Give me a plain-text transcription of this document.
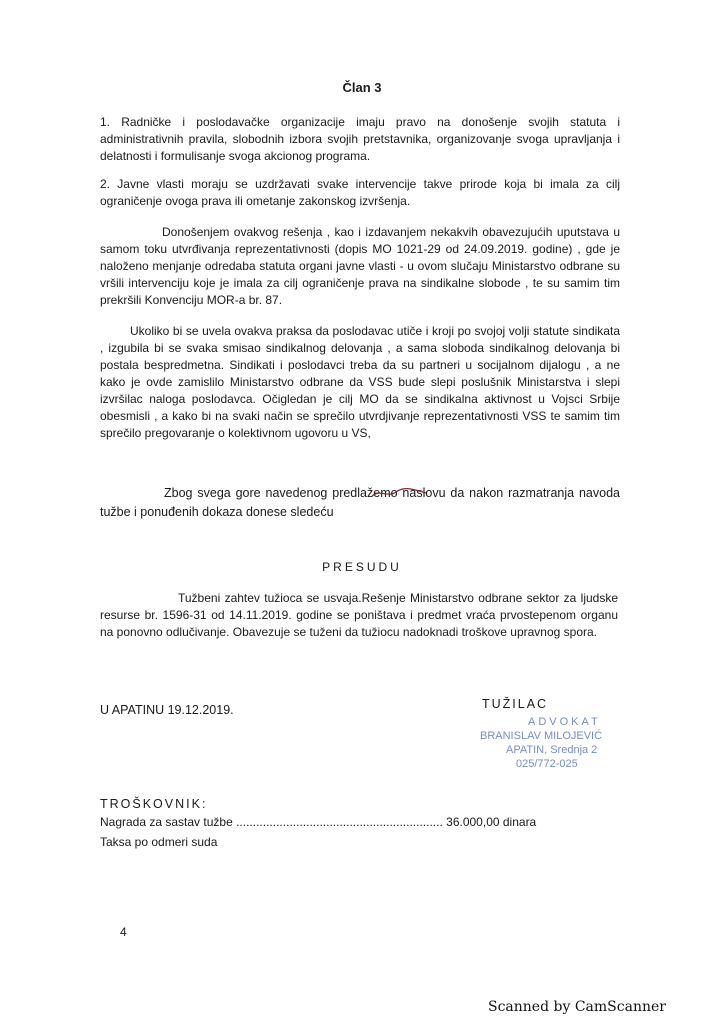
Član 3
1. Radničke i poslodavačke organizacije imaju pravo na donošenje svojih statuta i administrativnih pravila, slobodnih izbora svojih pretstavnika, organizovanje svoga upravljanja i delatnosti i formulisanje svoga akcionog programa.
2. Javne vlasti moraju se uzdržavati svake intervencije takve prirode koja bi imala za cilj ograničenje ovoga prava ili ometanje zakonskog izvršenja.
Donošenjem ovakvog rešenja , kao i izdavanjem nekakvih obavezujućih uputstava u samom toku utvrđivanja reprezentativnosti (dopis MO 1021-29 od 24.09.2019. godine) , gde je naloženo menjanje odredaba statuta organi javne vlasti - u ovom slučaju Ministarstvo odbrane su vršili intervenciju koje je imala za cilj ograničenje prava na sindikalne slobode , te su samim tim prekršili Konvenciju MOR-a br. 87.
Ukoliko bi se uvela ovakva praksa da poslodavac utiče i kroji po svojoj volji statute sindikata , izgubila bi se svaka smisao sindikalnog delovanja , a sama sloboda sindikalnog delovanja bi postala bespredmetna. Sindikati i poslodavci treba da su partneri u socijalnom dijalogu , a ne kako je ovde zamislilo Ministarstvo odbrane da VSS bude slepi poslušnik Ministarstva i slepi izvršilac naloga poslodavca. Očigledan je cilj MO da se sindikalna aktivnost u Vojsci Srbije obesmisli , a kako bi na svaki način se sprečilo utvrdjivanje reprezentativnosti VSS te samim tim sprečilo pregovaranje o kolektivnom ugovoru u VS,
Zbog svega gore navedenog predlažemo naslovu da nakon razmatranja navoda tužbe i ponuđenih dokaza donese sledeću
PRESUDU
Tužbeni zahtev tužioca se usvaja.Rešenje Ministarstvo odbrane sektor za ljudske resurse br. 1596-31 od 14.11.2019. godine se poništava i predmet vraća prvostepenom organu na ponovno odlučivanje. Obavezuje se tuženi da tužiocu nadoknadi troškove upravnog spora.
U APATINU 19.12.2019.	TUŽILAC
ADVOKAT
BRANISLAV MILOJEVIĆ
APATIN, Srednja 2
025/772-025
TROŠKOVNIK:
Nagrada za sastav tužbe .............................................................. 36.000,00 dinara
Taksa po odmeri suda
4
Scanned by CamScanner
